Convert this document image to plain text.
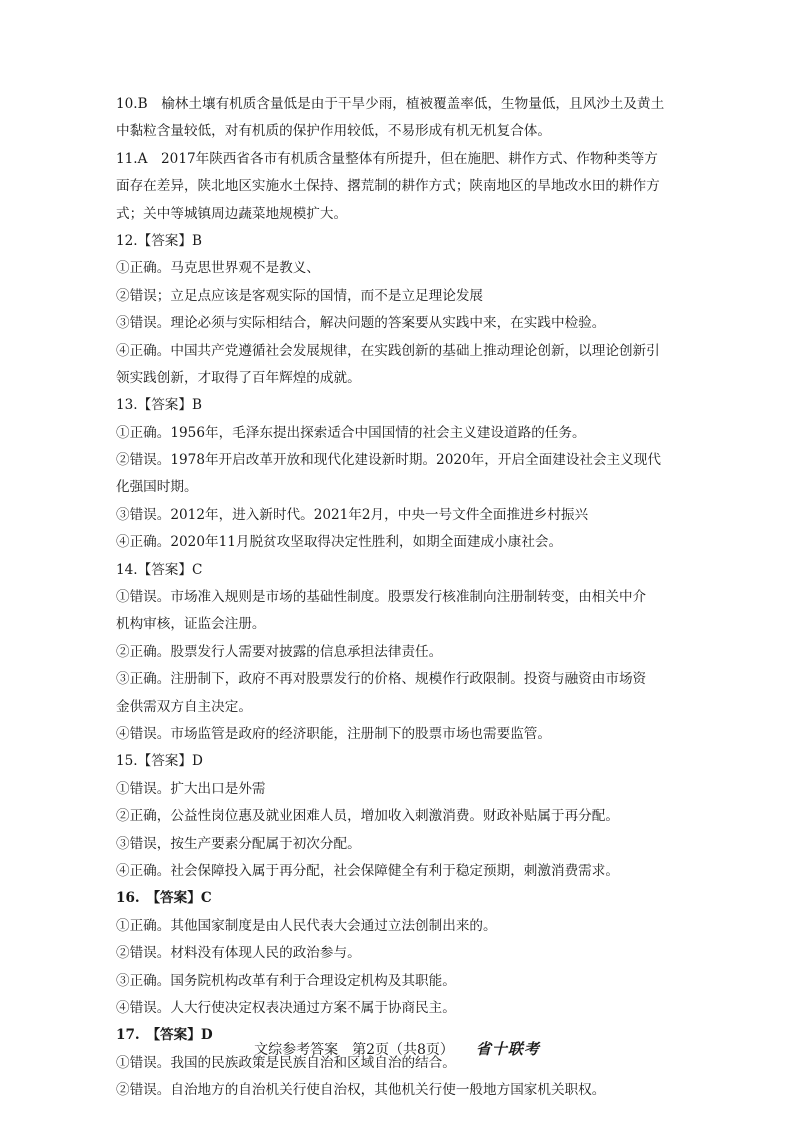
10.B　榆林土壤有机质含量低是由于干旱少雨，植被覆盖率低，生物量低，且风沙土及黄土
中黏粒含量较低，对有机质的保护作用较低，不易形成有机无机复合体。
11.A　2017年陕西省各市有机质含量整体有所提升，但在施肥、耕作方式、作物种类等方
面存在差异，陕北地区实施水土保持、撂荒制的耕作方式；陕南地区的旱地改水田的耕作方
式；关中等城镇周边蔬菜地规模扩大。
12.【答案】B
①正确。马克思世界观不是教义、
②错误；立足点应该是客观实际的国情，而不是立足理论发展
③错误。理论必须与实际相结合，解决问题的答案要从实践中来，在实践中检验。
④正确。中国共产党遵循社会发展规律，在实践创新的基础上推动理论创新，以理论创新引
领实践创新，才取得了百年辉煌的成就。
13.【答案】B
①正确。1956年，毛泽东提出探索适合中国国情的社会主义建设道路的任务。
②错误。1978年开启改革开放和现代化建设新时期。2020年，开启全面建设社会主义现代
化强国时期。
③错误。2012年，进入新时代。2021年2月，中央一号文件全面推进乡村振兴
④正确。2020年11月脱贫攻坚取得决定性胜利，如期全面建成小康社会。
14.【答案】C
①错误。市场准入规则是市场的基础性制度。股票发行核准制向注册制转变，由相关中介
机构审核，证监会注册。
②正确。股票发行人需要对披露的信息承担法律责任。
③正确。注册制下，政府不再对股票发行的价格、规模作行政限制。投资与融资由市场资
金供需双方自主决定。
④错误。市场监管是政府的经济职能，注册制下的股票市场也需要监管。
15.【答案】D
①错误。扩大出口是外需
②正确，公益性岗位惠及就业困难人员，增加收入刺激消费。财政补贴属于再分配。
③错误，按生产要素分配属于初次分配。
④正确。社会保障投入属于再分配，社会保障健全有利于稳定预期，刺激消费需求。
16.　【答案】C
①正确。其他国家制度是由人民代表大会通过立法创制出来的。
②错误。材料没有体现人民的政治参与。
③正确。国务院机构改革有利于合理设定机构及其职能。
④错误。人大行使决定权表决通过方案不属于协商民主。
17.　【答案】D
①错误。我国的民族政策是民族自治和区域自治的结合。
②错误。自治地方的自治机关行使自治权，其他机关行使一般地方国家机关职权。
文综参考答案　第2页（共8页） 省十联考
